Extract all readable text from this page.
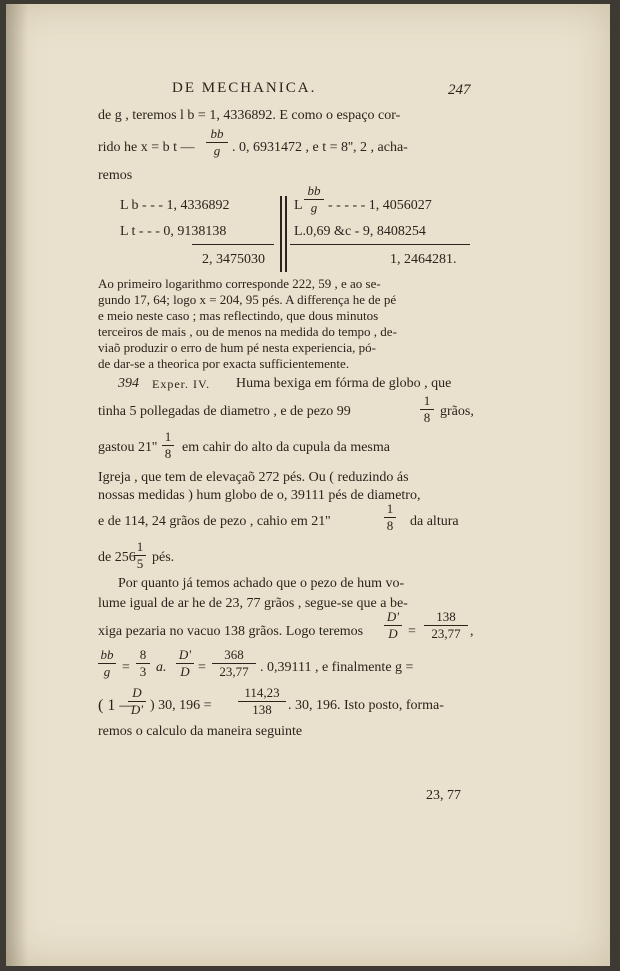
DE MECHANICA.	247
de g , teremos l b = 1, 4336892. E como o espaço cor-
rido he x = b t —
bb
g . 0, 6931472 , e t = 8'', 2 , acha-
remos
L b - - - 1, 4336892
L t - - - 0, 9138138
2, 3475030
L
bb
g - - - - - 1, 4056027
L.0,69 &c - 9, 8408254
1, 2464281.
Ao primeiro logarithmo corresponde 222, 59 , e ao se-
gundo 17, 64; logo x = 204, 95 pés. A differença he de pé
e meio neste caso ; mas reflectindo, que dous minutos
terceiros de mais , ou de menos na medida do tempo , de-
viaõ produzir o erro de hum pé nesta experiencia, pó-
de dar-se a theorica por exacta sufficientemente.
394 Exper. IV. Huma bexiga em fórma de globo , que
tinha 5 pollegadas de diametro , e de pezo 99
1
8 grãos,
gastou 21''
1
8 em cahir do alto da cupula da mesma
Igreja , que tem de elevaçaõ 272 pés. Ou ( reduzindo ás
nossas medidas ) hum globo de o, 39111 pés de diametro,
e de 114, 24 grãos de pezo , cahio em 21''
1
8 da altura
de 256
1
5 pés.
Por quanto já temos achado que o pezo de hum vo-
lume igual de ar he de 23, 77 grãos , segue-se que a be-
xiga pezaria no vacuo 138 grãos. Logo teremos
D'
D =
138
23,77 ,
bb
g =
8
3 a.
D'
D =
368
23,77 . 0,39111 , e finalmente g =
( 1 —
D
D' ) 30, 196 =
114,23
138	. 30, 196. Isto posto, forma-
remos o calculo da maneira seguinte
23, 77
